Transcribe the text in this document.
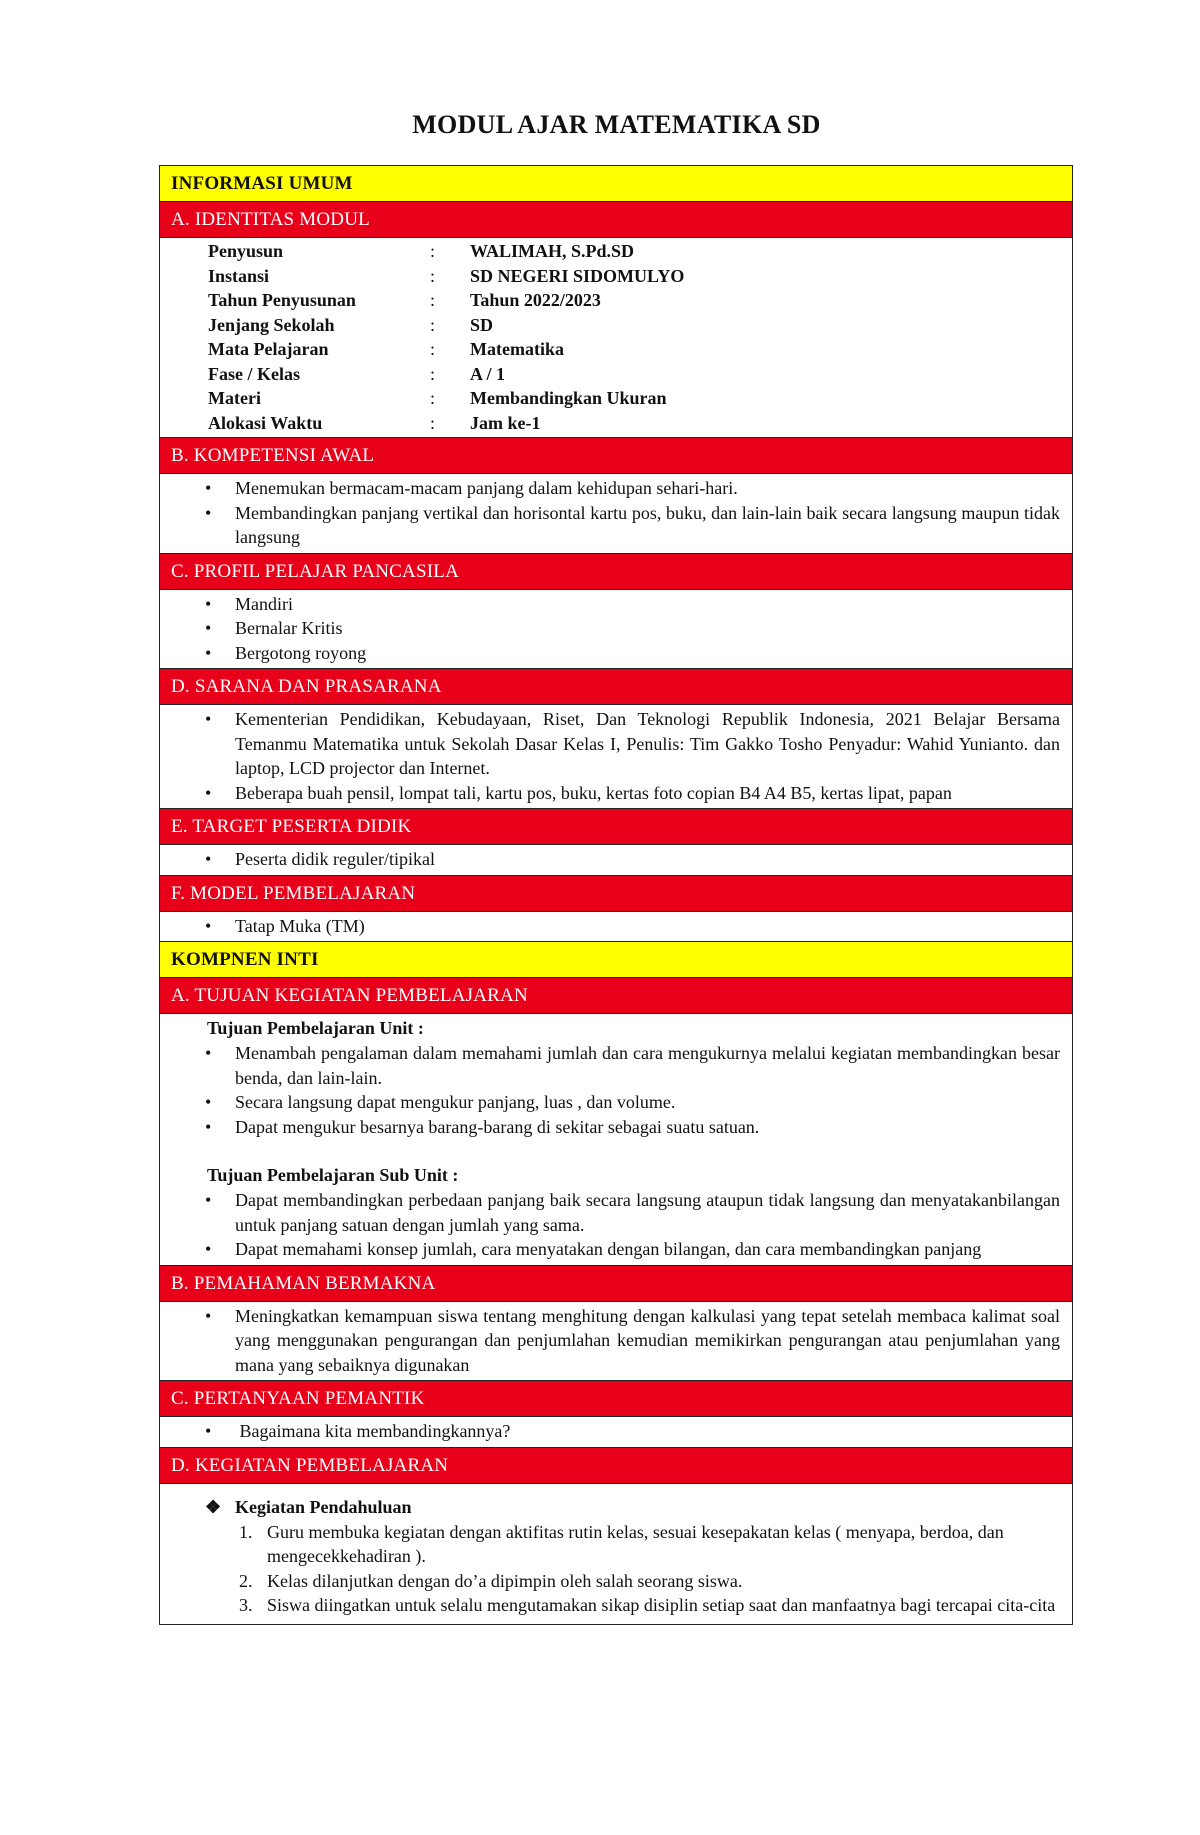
MODUL AJAR MATEMATIKA SD
INFORMASI UMUM
A. IDENTITAS MODUL
Penyusun	:	WALIMAH, S.Pd.SD
Instansi	:	SD NEGERI SIDOMULYO
Tahun Penyusunan	:	Tahun 2022/2023
Jenjang Sekolah	:	SD
Mata Pelajaran	:	Matematika
Fase / Kelas	:	A / 1
Materi	:	Membandingkan Ukuran
Alokasi Waktu	:	Jam ke-1
B. KOMPETENSI AWAL
• Menemukan bermacam-macam panjang dalam kehidupan sehari-hari.
• Membandingkan panjang vertikal dan horisontal kartu pos, buku, dan lain-lain baik secara langsung maupun tidak langsung
C. PROFIL PELAJAR PANCASILA
• Mandiri
• Bernalar Kritis
• Bergotong royong
D. SARANA DAN PRASARANA
• Kementerian Pendidikan, Kebudayaan, Riset, Dan Teknologi Republik Indonesia, 2021 Belajar Bersama Temanmu Matematika untuk Sekolah Dasar Kelas I, Penulis: Tim Gakko Tosho Penyadur: Wahid Yunianto. dan laptop, LCD projector dan Internet.
• Beberapa buah pensil, lompat tali, kartu pos, buku, kertas foto copian B4 A4 B5, kertas lipat, papan
E. TARGET PESERTA DIDIK
• Peserta didik reguler/tipikal
F. MODEL PEMBELAJARAN
• Tatap Muka (TM)
KOMPNEN INTI
A. TUJUAN KEGIATAN PEMBELAJARAN
Tujuan Pembelajaran Unit :
• Menambah pengalaman dalam memahami jumlah dan cara mengukurnya melalui kegiatan membandingkan besar benda, dan lain-lain.
• Secara langsung dapat mengukur panjang, luas , dan volume.
• Dapat mengukur besarnya barang-barang di sekitar sebagai suatu satuan.
Tujuan Pembelajaran Sub Unit :
• Dapat membandingkan perbedaan panjang baik secara langsung ataupun tidak langsung dan menyatakanbilangan untuk panjang satuan dengan jumlah yang sama.
• Dapat memahami konsep jumlah, cara menyatakan dengan bilangan, dan cara membandingkan panjang
B. PEMAHAMAN BERMAKNA
• Meningkatkan kemampuan siswa tentang menghitung dengan kalkulasi yang tepat setelah membaca kalimat soal yang menggunakan pengurangan dan penjumlahan kemudian memikirkan pengurangan atau penjumlahan yang mana yang sebaiknya digunakan
C. PERTANYAAN PEMANTIK
•  Bagaimana kita membandingkannya?
D. KEGIATAN PEMBELAJARAN
❖ Kegiatan Pendahuluan
1. Guru membuka kegiatan dengan aktifitas rutin kelas, sesuai kesepakatan kelas ( menyapa, berdoa, dan mengecekkehadiran ).
2. Kelas dilanjutkan dengan do’a dipimpin oleh salah seorang siswa.
3. Siswa diingatkan untuk selalu mengutamakan sikap disiplin setiap saat dan manfaatnya bagi tercapai cita-cita
